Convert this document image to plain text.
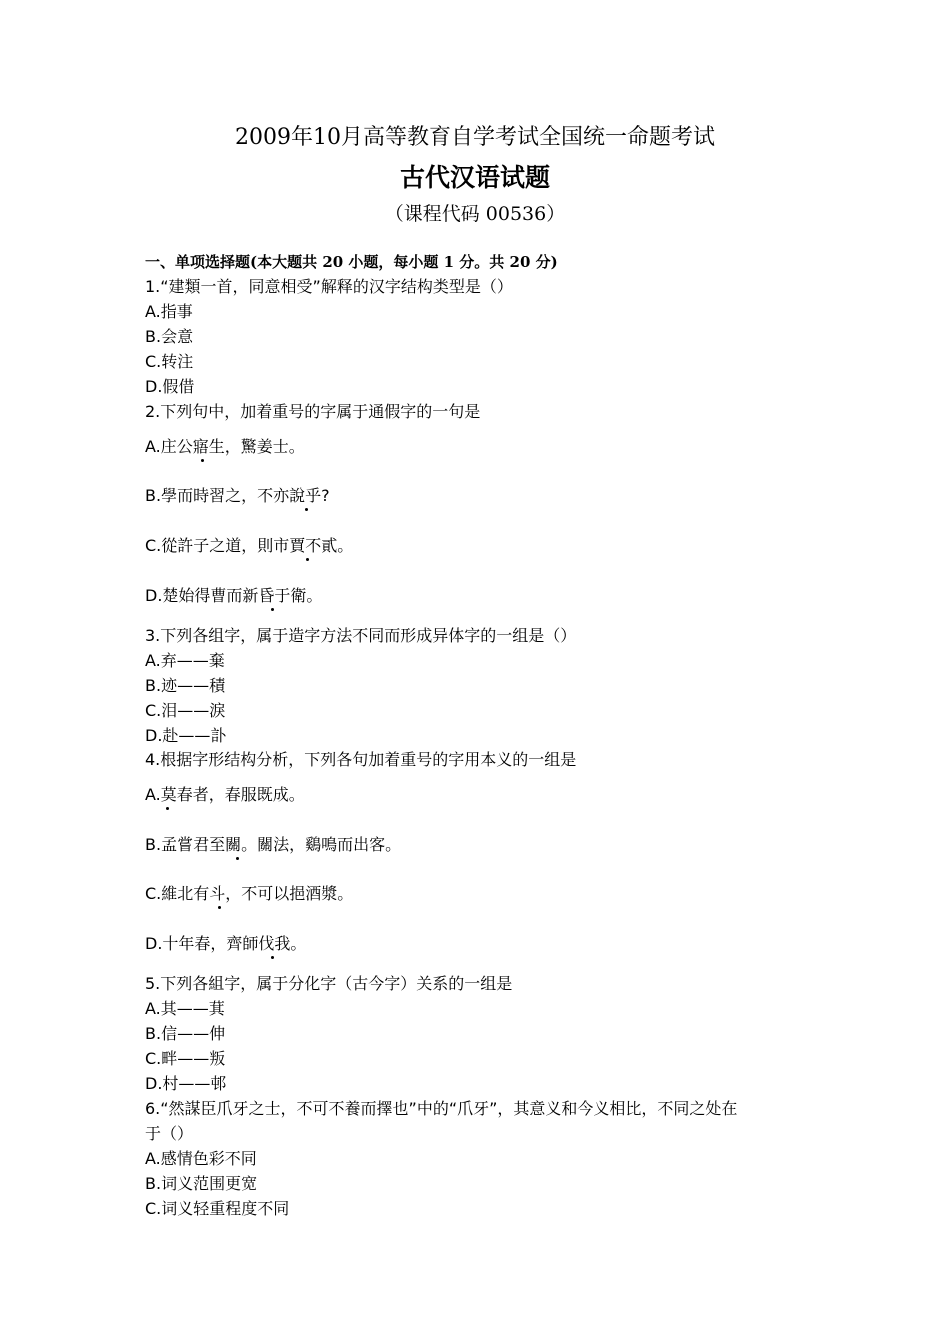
2009年10月高等教育自学考试全国统一命题考试
古代汉语试题
（课程代码 00536）
一、单项选择题(本大题共 20 小题，每小题 1 分。共 20 分)
1.“建類一首，同意相受”解释的汉字结构类型是（）
A.指事
B.会意
C.转注
D.假借
2.下列句中，加着重号的字属于通假字的一句是
A.庄公寤生，驚姜士。
B.學而時習之，不亦說乎?
C.從許子之道，則市賈不貳。
D.楚始得曹而新昏于衛。
3.下列各组字，属于造字方法不同而形成异体字的一组是（）
A.弃——棄
B.迹——積
C.泪——淚
D.赴——訃
4.根据字形结构分析，下列各句加着重号的字用本义的一组是
A.莫春者，春服既成。
B.孟嘗君至關。關法，鷄鳴而出客。
C.維北有斗，不可以挹酒漿。
D.十年春，齊師伐我。
5.下列各組字，属于分化字（古今字）关系的一组是
A.其——萁
B.信——伸
C.畔——叛
D.村——邨
6.“然謀臣爪牙之士，不可不養而擇也”中的“爪牙”，其意义和今义相比，不同之处在
于（）
A.感情色彩不同
B.词义范围更宽
C.词义轻重程度不同
